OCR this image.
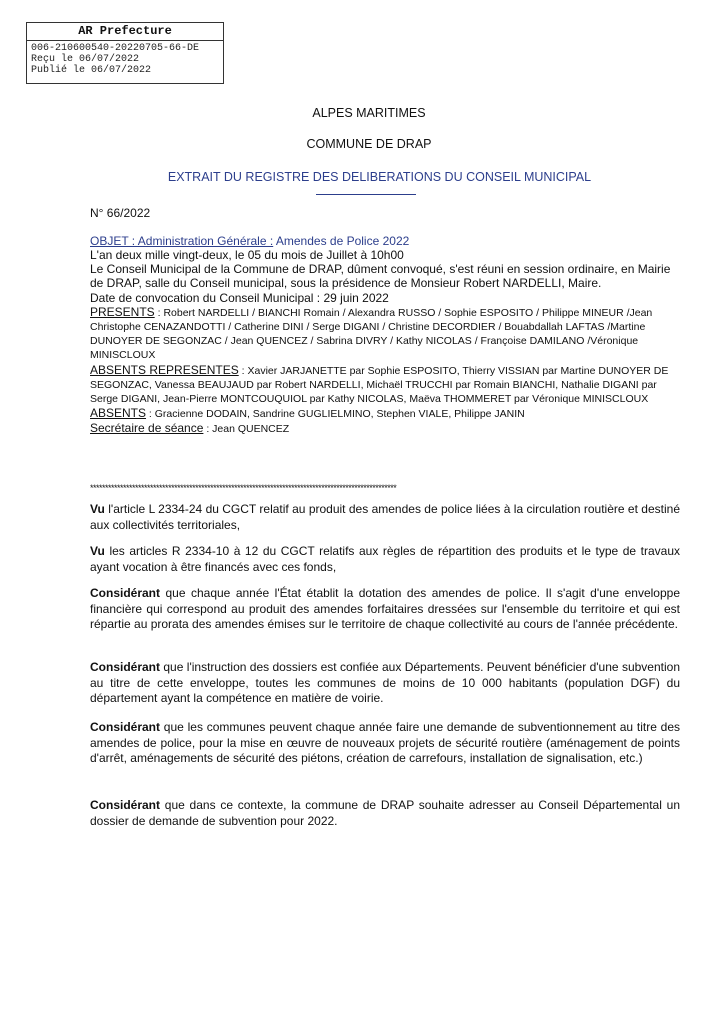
AR Prefecture
006-210600540-20220705-66-DE
Reçu le 06/07/2022
Publié le 06/07/2022
ALPES MARITIMES
COMMUNE DE DRAP
EXTRAIT DU REGISTRE DES DELIBERATIONS DU CONSEIL MUNICIPAL
N° 66/2022
OBJET : Administration Générale : Amendes de Police 2022

L'an deux mille vingt-deux, le 05 du mois de Juillet à 10h00

Le Conseil Municipal de la Commune de DRAP, dûment convoqué, s'est réuni en session ordinaire, en Mairie de DRAP, salle du Conseil municipal, sous la présidence de Monsieur Robert NARDELLI, Maire.

Date de convocation du Conseil Municipal : 29 juin 2022

PRESENTS : Robert NARDELLI / BIANCHI Romain / Alexandra RUSSO / Sophie ESPOSITO / Philippe MINEUR /Jean Christophe CENAZANDOTTI / Catherine DINI / Serge DIGANI / Christine DECORDIER / Bouabdallah LAFTAS /Martine DUNOYER DE SEGONZAC / Jean QUENCEZ / Sabrina DIVRY / Kathy NICOLAS / Françoise DAMILANO /Véronique MINISCLOUX

ABSENTS REPRESENTES : Xavier JARJANETTE par Sophie ESPOSITO, Thierry VISSIAN par Martine DUNOYER DE SEGONZAC, Vanessa BEAUJAUD par Robert NARDELLI, Michaël TRUCCHI par Romain BIANCHI, Nathalie DIGANI par Serge DIGANI, Jean-Pierre MONTCOUQUIOL par Kathy NICOLAS, Maëva THOMMERET par Véronique MINISCLOUX

ABSENTS : Gracienne DODAIN, Sandrine GUGLIELMINO, Stephen VIALE, Philippe JANIN

Secrétaire de séance : Jean QUENCEZ

******************************************************************************************************

Vu l'article L 2334-24 du CGCT relatif au produit des amendes de police liées à la circulation routière et destiné aux collectivités territoriales,

Vu les articles R 2334-10 à 12 du CGCT relatifs aux règles de répartition des produits et le type de travaux ayant vocation à être financés avec ces fonds,

Considérant que chaque année l'État établit la dotation des amendes de police. Il s'agit d'une enveloppe financière qui correspond au produit des amendes forfaitaires dressées sur l'ensemble du territoire et qui est répartie au prorata des amendes émises sur le territoire de chaque collectivité au cours de l'année précédente.

Considérant que l'instruction des dossiers est confiée aux Départements. Peuvent bénéficier d'une subvention au titre de cette enveloppe, toutes les communes de moins de 10 000 habitants (population DGF) du département ayant la compétence en matière de voirie.

Considérant que les communes peuvent chaque année faire une demande de subventionnement au titre des amendes de police, pour la mise en œuvre de nouveaux projets de sécurité routière (aménagement de points d'arrêt, aménagements de sécurité des piétons, création de carrefours, installation de signalisation, etc.)

Considérant que dans ce contexte, la commune de DRAP souhaite adresser au Conseil Départemental un dossier de demande de subvention pour 2022.
